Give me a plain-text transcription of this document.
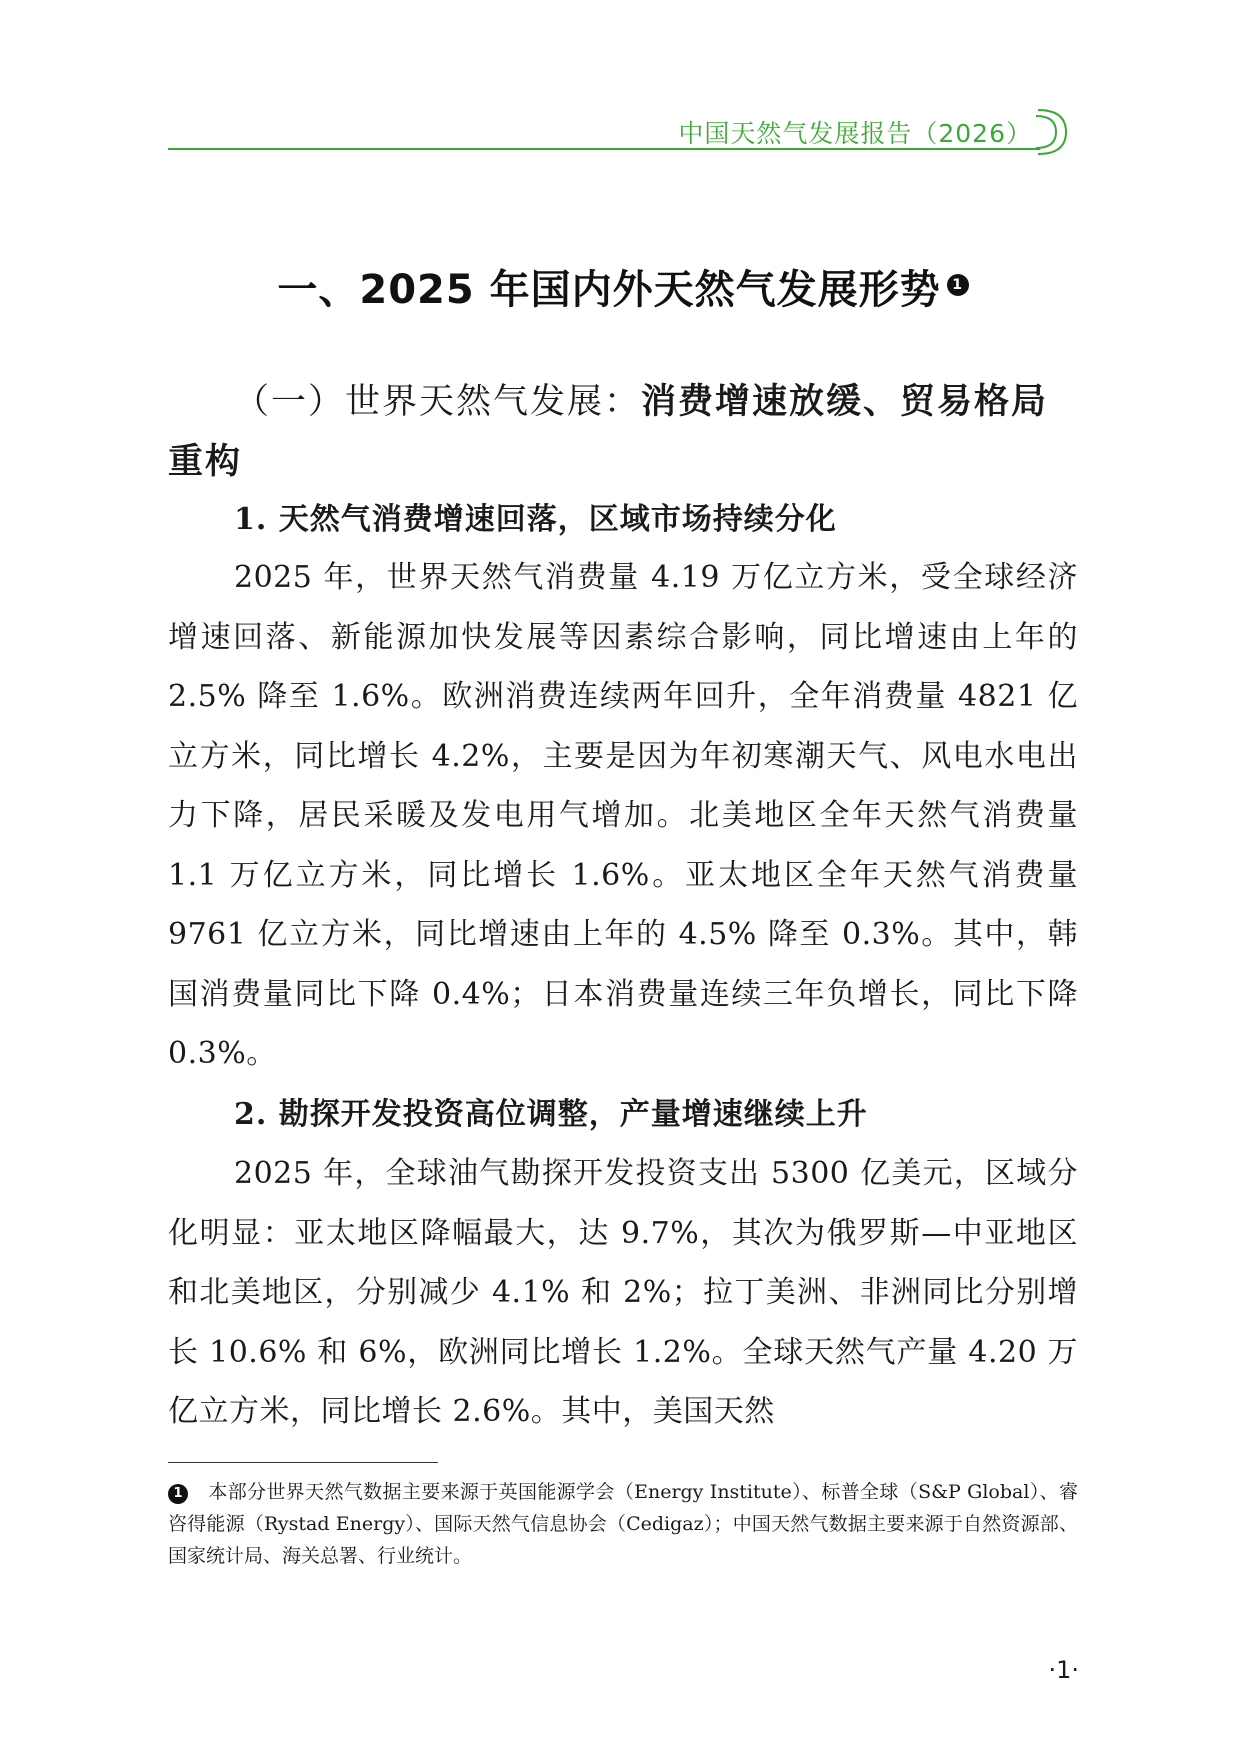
中国天然气发展报告（2026）
一、2025 年国内外天然气发展形势 1
（一）世界天然气发展：消费增速放缓、贸易格局
重构
1. 天然气消费增速回落，区域市场持续分化

2025 年，世界天然气消费量 4.19 万亿立方米，受全球经济增速回落、新能源加快发展等因素综合影响，同比增速由上年的 2.5% 降至 1.6%。欧洲消费连续两年回升，全年消费量 4821 亿立方米，同比增长 4.2%，主要是因为年初寒潮天气、风电水电出力下降，居民采暖及发电用气增加。北美地区全年天然气消费量 1.1 万亿立方米，同比增长 1.6%。亚太地区全年天然气消费量 9761 亿立方米，同比增速由上年的 4.5% 降至 0.3%。其中，韩国消费量同比下降 0.4%；日本消费量连续三年负增长，同比下降 0.3%。

2. 勘探开发投资高位调整，产量增速继续上升

2025 年，全球油气勘探开发投资支出 5300 亿美元，区域分化明显：亚太地区降幅最大，达 9.7%，其次为俄罗斯—中亚地区和北美地区，分别减少 4.1% 和 2%；拉丁美洲、非洲同比分别增长 10.6% 和 6%，欧洲同比增长 1.2%。全球天然气产量 4.20 万亿立方米，同比增长 2.6%。其中，美国天然

1 本部分世界天然气数据主要来源于英国能源学会（Energy Institute）、标普全球（S&P Global）、睿咨得能源（Rystad Energy）、国际天然气信息协会（Cedigaz）；中国天然气数据主要来源于自然资源部、国家统计局、海关总署、行业统计。

·1·
